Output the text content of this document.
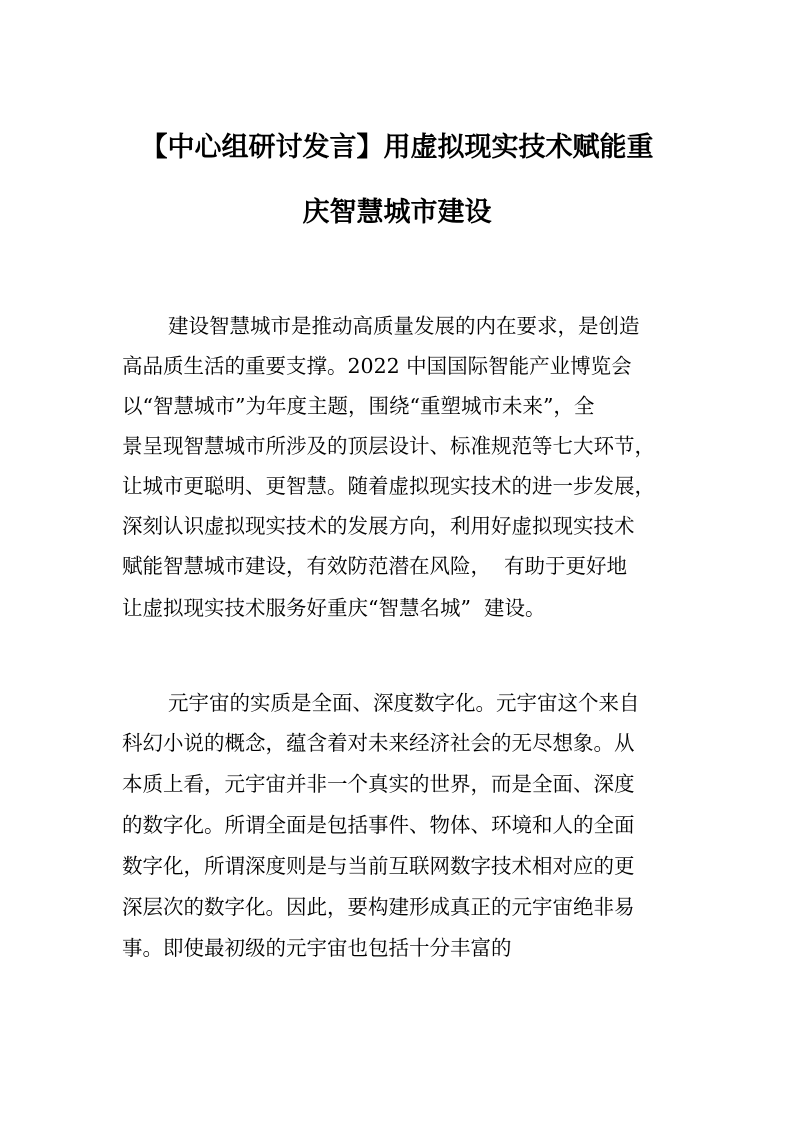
【中心组研讨发言】用虚拟现实技术赋能重
庆智慧城市建设
建设智慧城市是推动高质量发展的内在要求，是创造
高品质生活的重要支撑。2022 中国国际智能产业博览会
以“智慧城市”为年度主题，围绕“重塑城市未来”，全
景呈现智慧城市所涉及的顶层设计、标准规范等七大环节，
让城市更聪明、更智慧。随着虚拟现实技术的进一步发展，
深刻认识虚拟现实技术的发展方向，利用好虚拟现实技术
赋能智慧城市建设，有效防范潜在风险，  有助于更好地
让虚拟现实技术服务好重庆“智慧名城”  建设。
元宇宙的实质是全面、深度数字化。元宇宙这个来自
科幻小说的概念，蕴含着对未来经济社会的无尽想象。从
本质上看，元宇宙并非一个真实的世界，而是全面、深度
的数字化。所谓全面是包括事件、物体、环境和人的全面
数字化，所谓深度则是与当前互联网数字技术相对应的更
深层次的数字化。因此，要构建形成真正的元宇宙绝非易
事。即使最初级的元宇宙也包括十分丰富的
